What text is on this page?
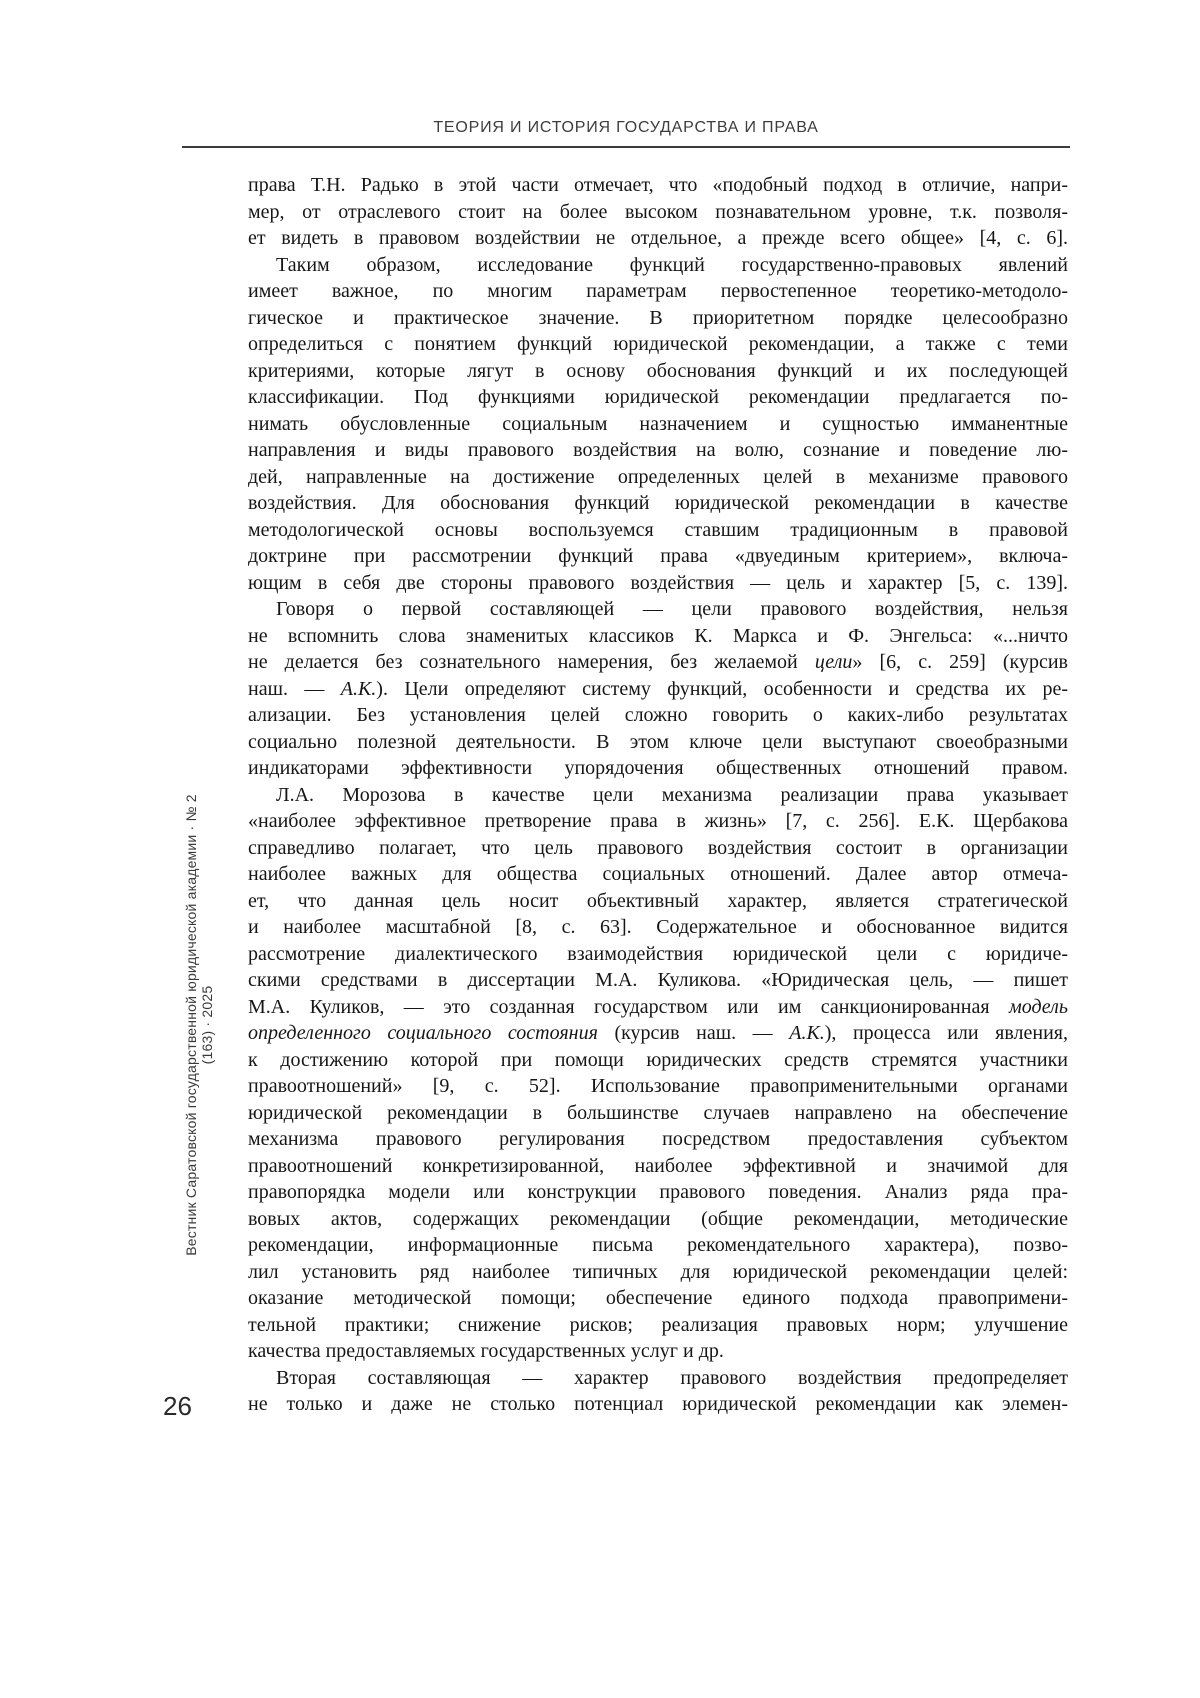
ТЕОРИЯ И ИСТОРИЯ ГОСУДАРСТВА И ПРАВА
права Т.Н. Радько в этой части отмечает, что «подобный подход в отличие, напри-
мер, от отраслевого стоит на более высоком познавательном уровне, т.к. позволя-
ет видеть в правовом воздействии не отдельное, а прежде всего общее» [4, с. 6].
Таким образом, исследование функций государственно-правовых явлений
имеет важное, по многим параметрам первостепенное теоретико-методоло-
гическое и практическое значение. В приоритетном порядке целесообразно
определиться с понятием функций юридической рекомендации, а также с теми
критериями, которые лягут в основу обоснования функций и их последующей
классификации. Под функциями юридической рекомендации предлагается по-
нимать обусловленные социальным назначением и сущностью имманентные
направления и виды правового воздействия на волю, сознание и поведение лю-
дей, направленные на достижение определенных целей в механизме правового
воздействия. Для обоснования функций юридической рекомендации в качестве
методологической основы воспользуемся ставшим традиционным в правовой
доктрине при рассмотрении функций права «двуединым критерием», включа-
ющим в себя две стороны правового воздействия — цель и характер [5, с. 139].
Говоря о первой составляющей — цели правового воздействия, нельзя
не вспомнить слова знаменитых классиков К. Маркса и Ф. Энгельса: «...ничто
не делается без сознательного намерения, без желаемой цели» [6, с. 259] (курсив
наш. — А.К.). Цели определяют систему функций, особенности и средства их ре-
ализации. Без установления целей сложно говорить о каких-либо результатах
социально полезной деятельности. В этом ключе цели выступают своеобразными
индикаторами эффективности упорядочения общественных отношений правом.
Л.А. Морозова в качестве цели механизма реализации права указывает
«наиболее эффективное претворение права в жизнь» [7, с. 256]. Е.К. Щербакова
справедливо полагает, что цель правового воздействия состоит в организации
наиболее важных для общества социальных отношений. Далее автор отмеча-
ет, что данная цель носит объективный характер, является стратегической
и наиболее масштабной [8, с. 63]. Содержательное и обоснованное видится
рассмотрение диалектического взаимодействия юридической цели с юридиче-
скими средствами в диссертации М.А. Куликова. «Юридическая цель, — пишет
М.А. Куликов, — это созданная государством или им санкционированная модель
определенного социального состояния (курсив наш. — А.К.), процесса или явления,
к достижению которой при помощи юридических средств стремятся участники
правоотношений» [9, с. 52]. Использование правоприменительными органами
юридической рекомендации в большинстве случаев направлено на обеспечение
механизма правового регулирования посредством предоставления субъектом
правоотношений конкретизированной, наиболее эффективной и значимой для
правопорядка модели или конструкции правового поведения. Анализ ряда пра-
вовых актов, содержащих рекомендации (общие рекомендации, методические
рекомендации, информационные письма рекомендательного характера), позво-
лил установить ряд наиболее типичных для юридической рекомендации целей:
оказание методической помощи; обеспечение единого подхода правопримени-
тельной практики; снижение рисков; реализация правовых норм; улучшение
качества предоставляемых государственных услуг и др.
Вторая составляющая — характер правового воздействия предопределяет
не только и даже не столько потенциал юридической рекомендации как элемен-
Вестник Саратовской государственной юридической академии · № 2 (163) · 2025
26
